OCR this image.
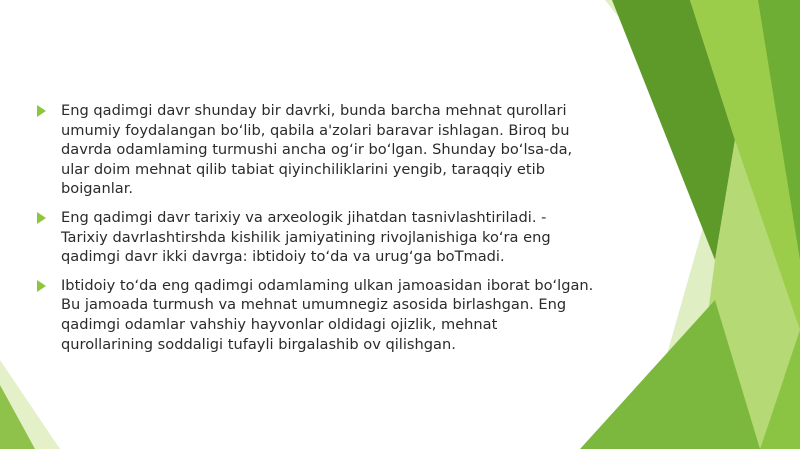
Eng qadimgi davr shunday bir davrki, bunda barcha mehnat qurollari umumiy foydalangan boʻlib, qabila a'zolari baravar ishlagan. Biroq bu davrda odamlaming turmushi ancha ogʻir boʻlgan. Shunday boʻlsa-da, ular doim mehnat qilib tabiat qiyinchiliklarini yengib, taraqqiy etib boiganlar.
Eng qadimgi davr tarixiy va arxeologik jihatdan tasnivlashtiriladi. - Tarixiy davrlashtirshda kishilik jamiyatining rivojlanishiga koʻra eng qadimgi davr ikki davrga: ibtidoiy toʻda va urugʻga boTmadi.
Ibtidoiy toʻda eng qadimgi odamlaming ulkan jamoasidan iborat boʻlgan. Bu jamoada turmush va mehnat umumnegiz asosida birlashgan. Eng qadimgi odamlar vahshiy hayvonlar oldidagi ojizlik, mehnat qurollarining soddaligi tufayli birgalashib ov qilishgan.
